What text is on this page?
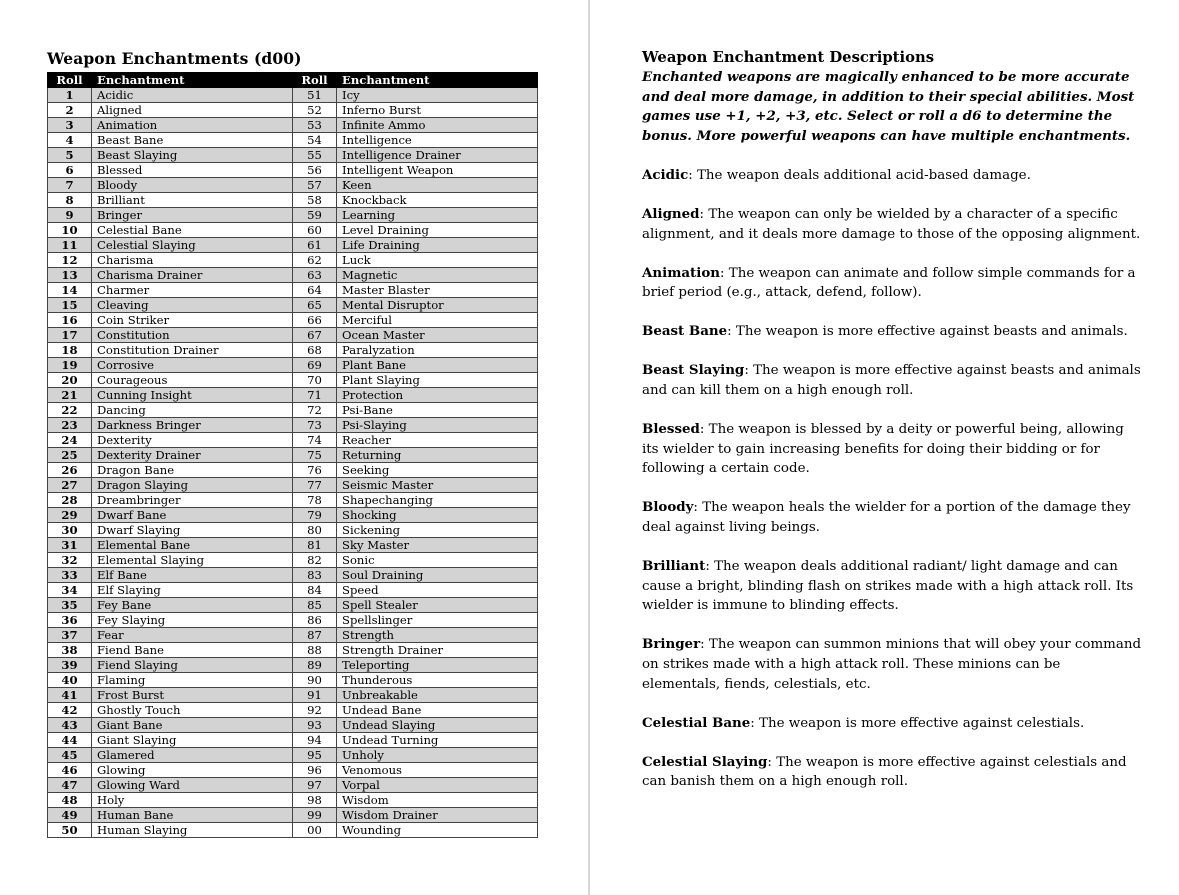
Weapon Enchantments (d00)
Roll	Enchantment	Roll	Enchantment
1	Acidic	51	Icy
2	Aligned	52	Inferno Burst
3	Animation	53	Infinite Ammo
4	Beast Bane	54	Intelligence
5	Beast Slaying	55	Intelligence Drainer
6	Blessed	56	Intelligent Weapon
7	Bloody	57	Keen
8	Brilliant	58	Knockback
9	Bringer	59	Learning
10	Celestial Bane	60	Level Draining
11	Celestial Slaying	61	Life Draining
12	Charisma	62	Luck
13	Charisma Drainer	63	Magnetic
14	Charmer	64	Master Blaster
15	Cleaving	65	Mental Disruptor
16	Coin Striker	66	Merciful
17	Constitution	67	Ocean Master
18	Constitution Drainer	68	Paralyzation
19	Corrosive	69	Plant Bane
20	Courageous	70	Plant Slaying
21	Cunning Insight	71	Protection
22	Dancing	72	Psi-Bane
23	Darkness Bringer	73	Psi-Slaying
24	Dexterity	74	Reacher
25	Dexterity Drainer	75	Returning
26	Dragon Bane	76	Seeking
27	Dragon Slaying	77	Seismic Master
28	Dreambringer	78	Shapechanging
29	Dwarf Bane	79	Shocking
30	Dwarf Slaying	80	Sickening
31	Elemental Bane	81	Sky Master
32	Elemental Slaying	82	Sonic
33	Elf Bane	83	Soul Draining
34	Elf Slaying	84	Speed
35	Fey Bane	85	Spell Stealer
36	Fey Slaying	86	Spellslinger
37	Fear	87	Strength
38	Fiend Bane	88	Strength Drainer
39	Fiend Slaying	89	Teleporting
40	Flaming	90	Thunderous
41	Frost Burst	91	Unbreakable
42	Ghostly Touch	92	Undead Bane
43	Giant Bane	93	Undead Slaying
44	Giant Slaying	94	Undead Turning
45	Glamered	95	Unholy
46	Glowing	96	Venomous
47	Glowing Ward	97	Vorpal
48	Holy	98	Wisdom
49	Human Bane	99	Wisdom Drainer
50	Human Slaying	00	Wounding
Weapon Enchantment Descriptions
Enchanted weapons are magically enhanced to be more accurate and deal more damage, in addition to their special abilities. Most games use +1, +2, +3, etc. Select or roll a d6 to determine the bonus. More powerful weapons can have multiple enchantments.
Acidic: The weapon deals additional acid-based damage.
Aligned: The weapon can only be wielded by a character of a specific alignment, and it deals more damage to those of the opposing alignment.
Animation: The weapon can animate and follow simple commands for a brief period (e.g., attack, defend, follow).
Beast Bane: The weapon is more effective against beasts and animals.
Beast Slaying: The weapon is more effective against beasts and animals and can kill them on a high enough roll.
Blessed: The weapon is blessed by a deity or powerful being, allowing its wielder to gain increasing benefits for doing their bidding or for following a certain code.
Bloody: The weapon heals the wielder for a portion of the damage they deal against living beings.
Brilliant: The weapon deals additional radiant/ light damage and can cause a bright, blinding flash on strikes made with a high attack roll. Its wielder is immune to blinding effects.
Bringer: The weapon can summon minions that will obey your command on strikes made with a high attack roll. These minions can be elementals, fiends, celestials, etc.
Celestial Bane: The weapon is more effective against celestials.
Celestial Slaying: The weapon is more effective against celestials and can banish them on a high enough roll.
